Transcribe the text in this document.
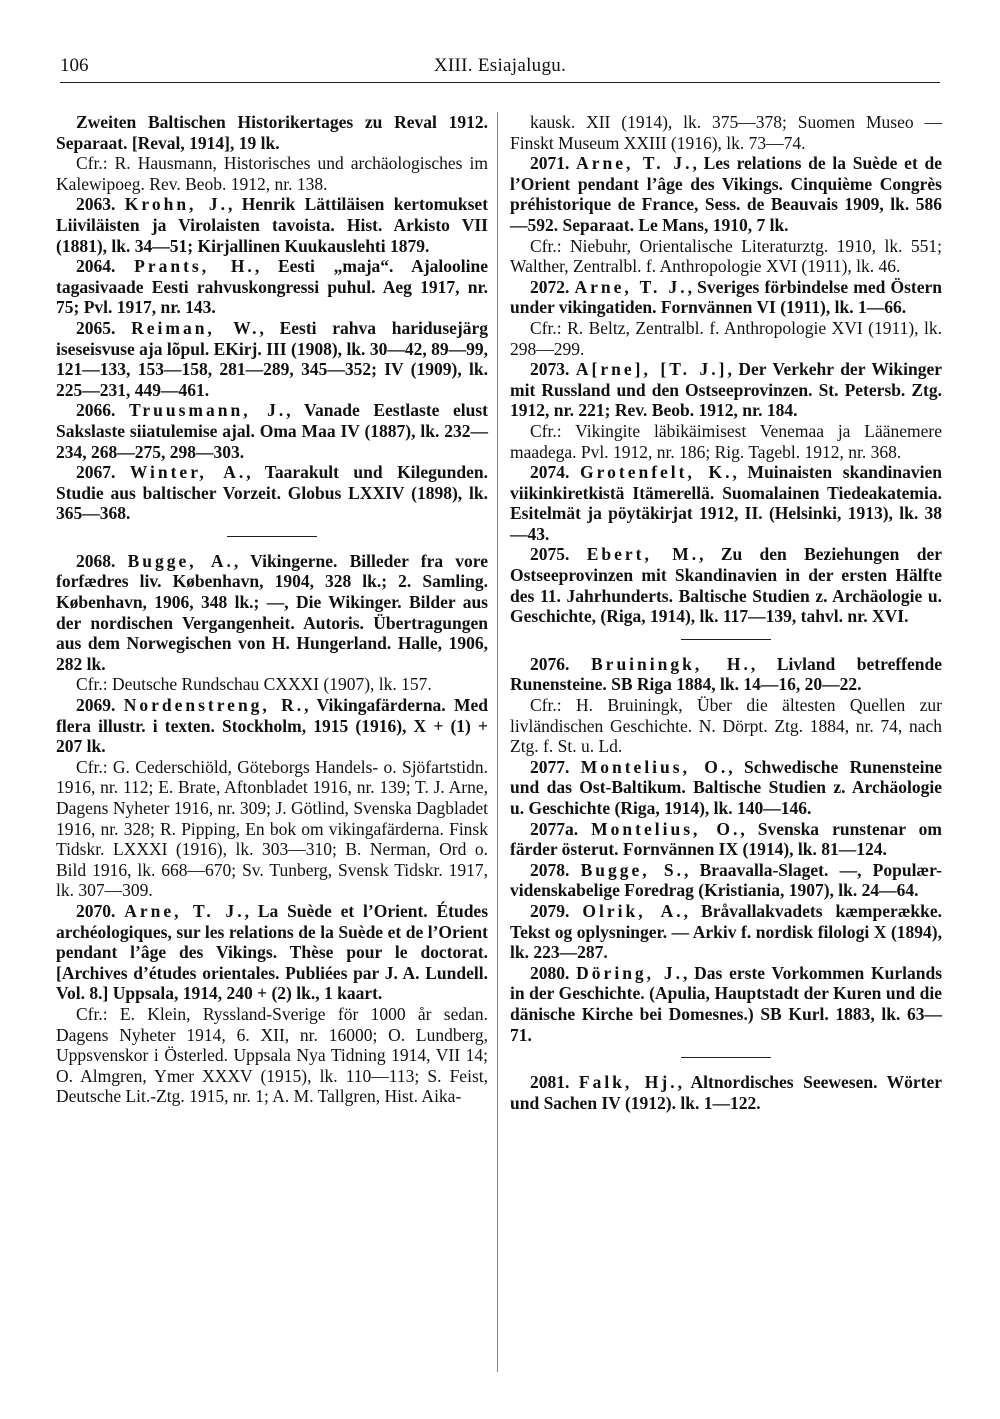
106	XIII. Esiajalugu.

Zweiten Baltischen Historikertages zu Reval 1912. Separaat. [Reval, 1914], 19 lk.

Cfr.: R. Hausmann, Historisches und archäologisches im Kalewipoeg. Rev. Beob. 1912, nr. 138.

2063. Krohn, J., Henrik Lättiläisen kertomukset Liiviläisten ja Virolaisten tavoista. Hist. Arkisto VII (1881), lk. 34—51; Kirjallinen Kuukauslehti 1879.

2064. Prants, H., Eesti „maja“. Ajalooline tagasivaade Eesti rahvuskongressi puhul. Aeg 1917, nr. 75; Pvl. 1917, nr. 143.

2065. Reiman, W., Eesti rahva haridusejärg iseseisvuse aja lõpul. EKirj. III (1908), lk. 30—42, 89—99, 121—133, 153—158, 281—289, 345—352; IV (1909), lk. 225—231, 449—461.

2066. Truusmann, J., Vanade Eestlaste elust Sakslaste siiatulemise ajal. Oma Maa IV (1887), lk. 232—234, 268—275, 298—303.

2067. Winter, A., Taarakult und Kilegunden. Studie aus baltischer Vorzeit. Globus LXXIV (1898), lk. 365—368.

2068. Bugge, A., Vikingerne. Billeder fra vore forfædres liv. København, 1904, 328 lk.; 2. Samling. København, 1906, 348 lk.; —, Die Wikinger. Bilder aus der nordischen Vergangenheit. Autoris. Übertragungen aus dem Norwegischen von H. Hungerland. Halle, 1906, 282 lk.

Cfr.: Deutsche Rundschau CXXXI (1907), lk. 157.

2069. Nordenstreng, R., Vikingafärderna. Med flera illustr. i texten. Stockholm, 1915 (1916), X + (1) + 207 lk.

Cfr.: G. Cederschiöld, Göteborgs Handels- o. Sjöfartstidn. 1916, nr. 112; E. Brate, Aftonbladet 1916, nr. 139; T. J. Arne, Dagens Nyheter 1916, nr. 309; J. Götlind, Svenska Dagbladet 1916, nr. 328; R. Pipping, En bok om vikingafärderna. Finsk Tidskr. LXXXI (1916), lk. 303—310; B. Nerman, Ord o. Bild 1916, lk. 668—670; Sv. Tunberg, Svensk Tidskr. 1917, lk. 307—309.

2070. Arne, T. J., La Suède et l’Orient. Études archéologiques, sur les relations de la Suède et de l’Orient pendant l’âge des Vikings. Thèse pour le doctorat. [Archives d’études orientales. Publiées par J. A. Lundell. Vol. 8.] Uppsala, 1914, 240 + (2) lk., 1 kaart.

Cfr.: E. Klein, Ryssland-Sverige för 1000 år sedan. Dagens Nyheter 1914, 6. XII, nr. 16000; O. Lundberg, Uppsvenskor i Österled. Uppsala Nya Tidning 1914, VII 14; O. Almgren, Ymer XXXV (1915), lk. 110—113; S. Feist, Deutsche Lit.-Ztg. 1915, nr. 1; A. M. Tallgren, Hist. Aika-

kausk. XII (1914), lk. 375—378; Suomen Museo — Finskt Museum XXIII (1916), lk. 73—74.

2071. Arne, T. J., Les relations de la Suède et de l’Orient pendant l’âge des Vikings. Cinquième Congrès préhistorique de France, Sess. de Beauvais 1909, lk. 586—592. Separaat. Le Mans, 1910, 7 lk.

Cfr.: Niebuhr, Orientalische Literaturztg. 1910, lk. 551; Walther, Zentralbl. f. Anthropologie XVI (1911), lk. 46.

2072. Arne, T. J., Sveriges förbindelse med Östern under vikingatiden. Fornvännen VI (1911), lk. 1—66.

Cfr.: R. Beltz, Zentralbl. f. Anthropologie XVI (1911), lk. 298—299.

2073. A[rne], [T. J.], Der Verkehr der Wikinger mit Russland und den Ostseeprovinzen. St. Petersb. Ztg. 1912, nr. 221; Rev. Beob. 1912, nr. 184.

Cfr.: Vikingite läbikäimisest Venemaa ja Läänemere maadega. Pvl. 1912, nr. 186; Rig. Tagebl. 1912, nr. 368.

2074. Grotenfelt, K., Muinaisten skandinavien viikinkiretkistä Itämerellä. Suomalainen Tiedeakatemia. Esitelmät ja pöytäkirjat 1912, II. (Helsinki, 1913), lk. 38—43.

2075. Ebert, M., Zu den Beziehungen der Ostseeprovinzen mit Skandinavien in der ersten Hälfte des 11. Jahrhunderts. Baltische Studien z. Archäologie u. Geschichte, (Riga, 1914), lk. 117—139, tahvl. nr. XVI.

2076. Bruiningk, H., Livland betreffende Runensteine. SB Riga 1884, lk. 14—16, 20—22.

Cfr.: H. Bruiningk, Über die ältesten Quellen zur livländischen Geschichte. N. Dörpt. Ztg. 1884, nr. 74, nach Ztg. f. St. u. Ld.

2077. Montelius, O., Schwedische Runensteine und das Ost-Baltikum. Baltische Studien z. Archäologie u. Geschichte (Riga, 1914), lk. 140—146.

2077a. Montelius, O., Svenska runstenar om färder österut. Fornvännen IX (1914), lk. 81—124.

2078. Bugge, S., Braavalla-Slaget. —, Populær-videnskabelige Foredrag (Kristiania, 1907), lk. 24—64.

2079. Olrik, A., Bråvallakvadets kæmperække. Tekst og oplysninger. — Arkiv f. nordisk filologi X (1894), lk. 223—287.

2080. Döring, J., Das erste Vorkommen Kurlands in der Geschichte. (Apulia, Hauptstadt der Kuren und die dänische Kirche bei Domesnes.) SB Kurl. 1883, lk. 63—71.

2081. Falk, Hj., Altnordisches Seewesen. Wörter und Sachen IV (1912). lk. 1—122.
